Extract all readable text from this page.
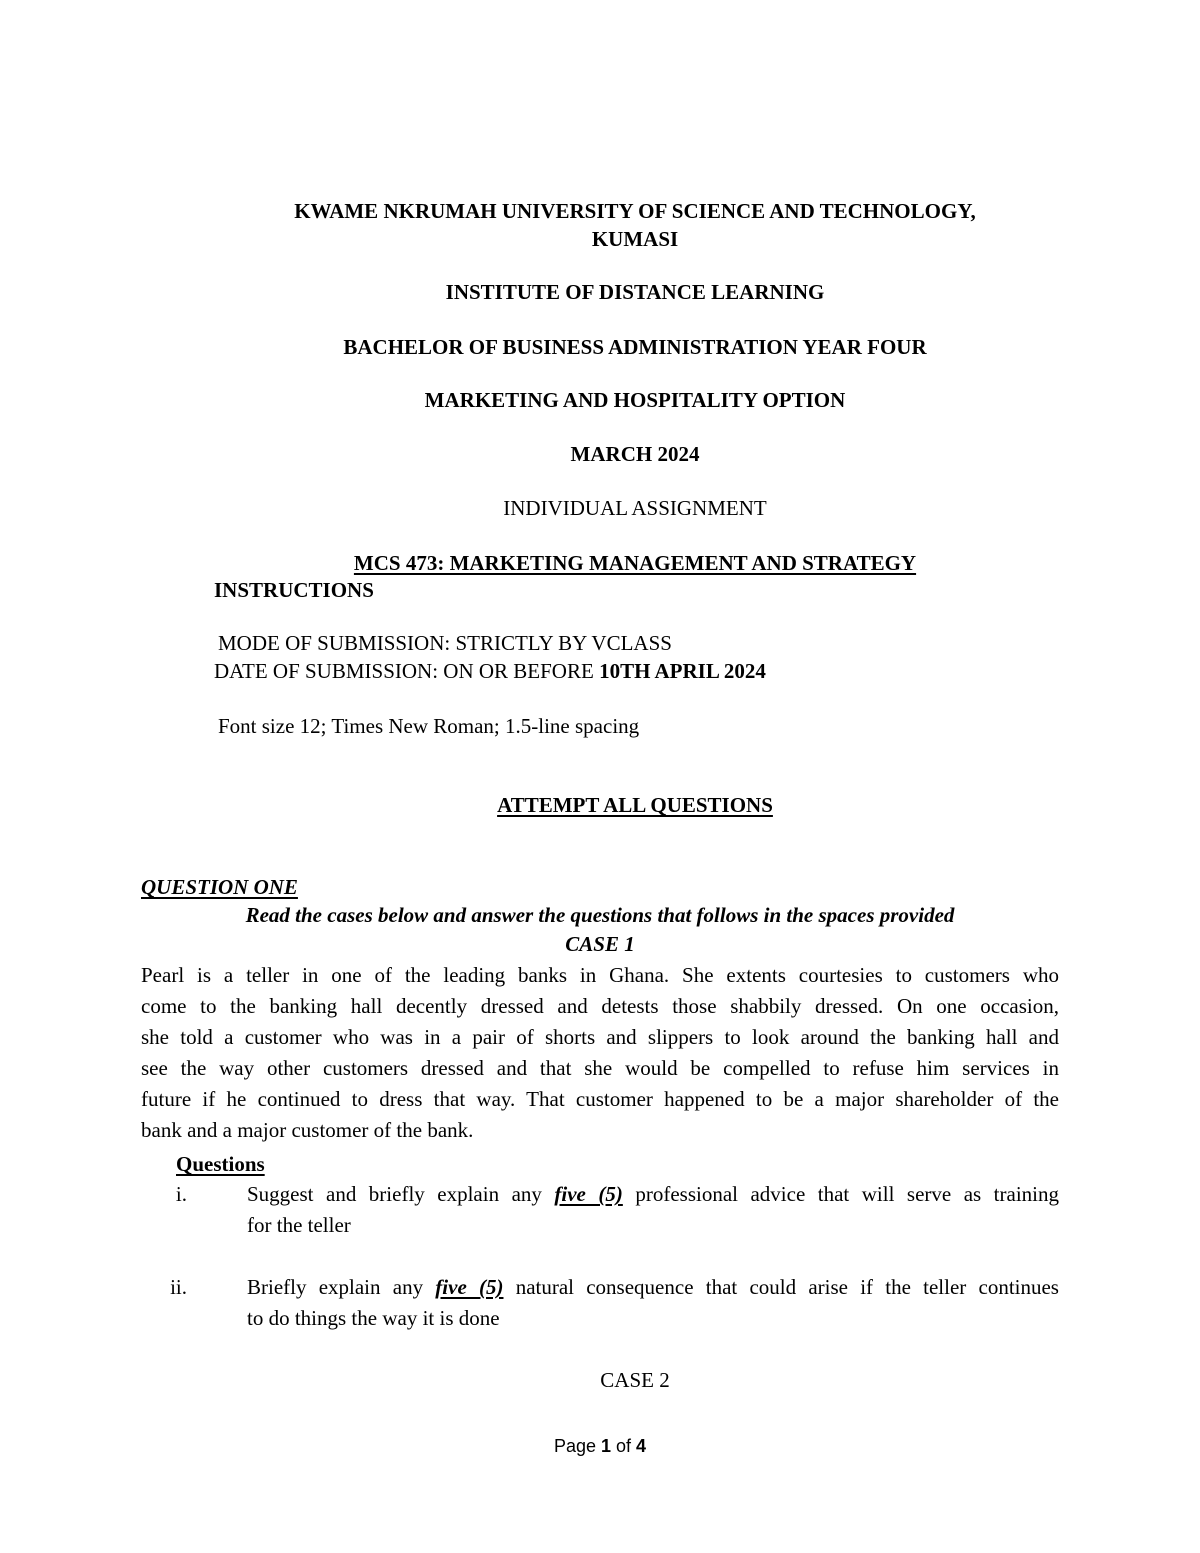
KWAME NKRUMAH UNIVERSITY OF SCIENCE AND TECHNOLOGY,
KUMASI
INSTITUTE OF DISTANCE LEARNING
BACHELOR OF BUSINESS ADMINISTRATION YEAR FOUR
MARKETING AND HOSPITALITY OPTION
MARCH 2024
INDIVIDUAL ASSIGNMENT
MCS 473: MARKETING MANAGEMENT AND STRATEGY
INSTRUCTIONS
MODE OF SUBMISSION: STRICTLY BY VCLASS
DATE OF SUBMISSION: ON OR BEFORE 10TH APRIL 2024
Font size 12; Times New Roman; 1.5-line spacing
ATTEMPT ALL QUESTIONS
QUESTION ONE
Read the cases below and answer the questions that follows in the spaces provided
CASE 1
Pearl is a teller in one of the leading banks in Ghana. She extents courtesies to customers who
come to the banking hall decently dressed and detests those shabbily dressed. On one occasion,
she told a customer who was in a pair of shorts and slippers to look around the banking hall and
see the way other customers dressed and that she would be compelled to refuse him services in
future if he continued to dress that way. That customer happened to be a major shareholder of the
bank and a major customer of the bank.
Questions
i.	Suggest and briefly explain any five (5) professional advice that will serve as training
for the teller
ii.	Briefly explain any five (5) natural consequence that could arise if the teller continues
to do things the way it is done
CASE 2
Page 1 of 4
